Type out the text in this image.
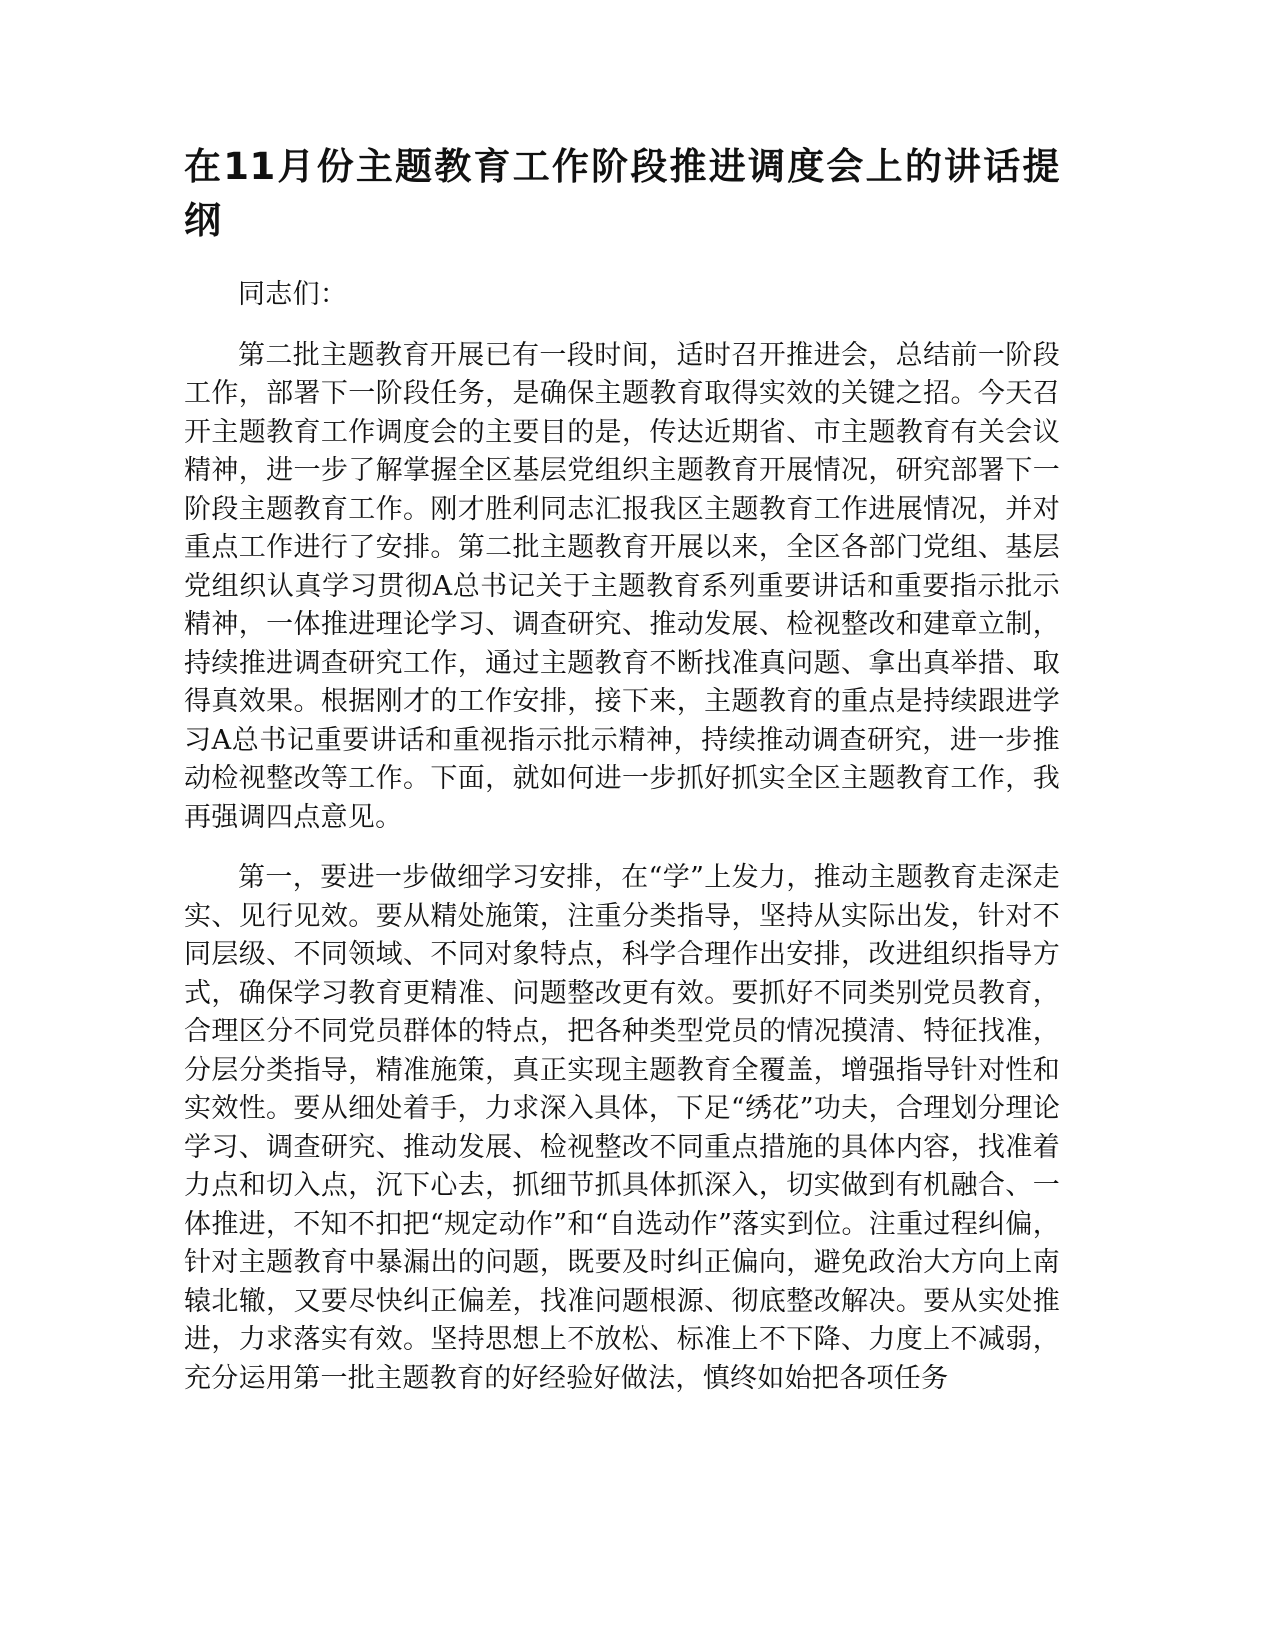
在11月份主题教育工作阶段推进调度会上的讲话提纲

同志们：

第二批主题教育开展已有一段时间，适时召开推进会，总结前一阶段工作，部署下一阶段任务，是确保主题教育取得实效的关键之招。今天召开主题教育工作调度会的主要目的是，传达近期省、市主题教育有关会议精神，进一步了解掌握全区基层党组织主题教育开展情况，研究部署下一阶段主题教育工作。刚才胜利同志汇报我区主题教育工作进展情况，并对重点工作进行了安排。第二批主题教育开展以来，全区各部门党组、基层党组织认真学习贯彻A总书记关于主题教育系列重要讲话和重要指示批示精神，一体推进理论学习、调查研究、推动发展、检视整改和建章立制，持续推进调查研究工作，通过主题教育不断找准真问题、拿出真举措、取得真效果。根据刚才的工作安排，接下来，主题教育的重点是持续跟进学习A总书记重要讲话和重视指示批示精神，持续推动调查研究，进一步推动检视整改等工作。下面，就如何进一步抓好抓实全区主题教育工作，我再强调四点意见。

第一，要进一步做细学习安排，在“学”上发力，推动主题教育走深走实、见行见效。要从精处施策，注重分类指导，坚持从实际出发，针对不同层级、不同领域、不同对象特点，科学合理作出安排，改进组织指导方式，确保学习教育更精准、问题整改更有效。要抓好不同类别党员教育，合理区分不同党员群体的特点，把各种类型党员的情况摸清、特征找准，分层分类指导，精准施策，真正实现主题教育全覆盖，增强指导针对性和实效性。要从细处着手，力求深入具体，下足“绣花”功夫，合理划分理论学习、调查研究、推动发展、检视整改不同重点措施的具体内容，找准着力点和切入点，沉下心去，抓细节抓具体抓深入，切实做到有机融合、一体推进，不知不扣把“规定动作”和“自选动作”落实到位。注重过程纠偏，针对主题教育中暴漏出的问题，既要及时纠正偏向，避免政治大方向上南辕北辙，又要尽快纠正偏差，找准问题根源、彻底整改解决。要从实处推进，力求落实有效。坚持思想上不放松、标准上不下降、力度上不减弱，充分运用第一批主题教育的好经验好做法，慎终如始把各项任务
